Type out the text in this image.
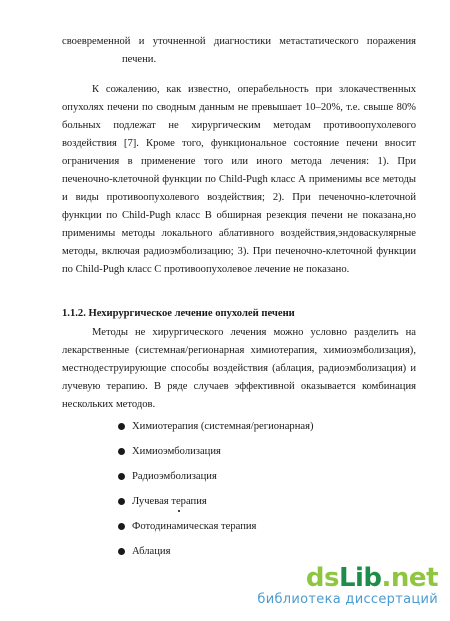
своевременной и уточненной диагностики метастатического поражения
печени.
К сожалению, как известно, операбельность при злокачественных
опухолях печени по сводным данным не превышает 10–20%, т.е. свыше 80%
больных подлежат не хирургическим методам противоопухолевого
воздействия [7]. Кроме того, функциональное состояние печени вносит
ограничения в применение того или иного метода лечения: 1). При
печеночно-клеточной функции по Child-Pugh класс А применимы все методы
и виды противоопухолевого воздействия; 2). При печеночно-клеточной
функции по Child-Pugh класс В обширная резекция печени не показана,но
применимы методы локального аблативного воздействия,эндоваскулярные
методы, включая радиоэмболизацию; 3). При печеночно-клеточной функции
по Child-Pugh класс С противоопухолевое лечение не показано.
1.1.2. Нехирургическое лечение опухолей печени
Методы не хирургического лечения можно условно разделить на
лекарственные (системная/регионарная химиотерапия, химиоэмболизация),
местнодеструирующие способы воздействия (аблация, радиоэмболизация) и
лучевую терапию. В ряде случаев эффективной оказывается комбинация
нескольких методов.
Химиотерапия (системная/регионарная)
Химиоэмболизация
Радиоэмболизация
Лучевая терапия
Фотодинамическая терапия
Аблация
dsLib.net
библиотека диссертаций
